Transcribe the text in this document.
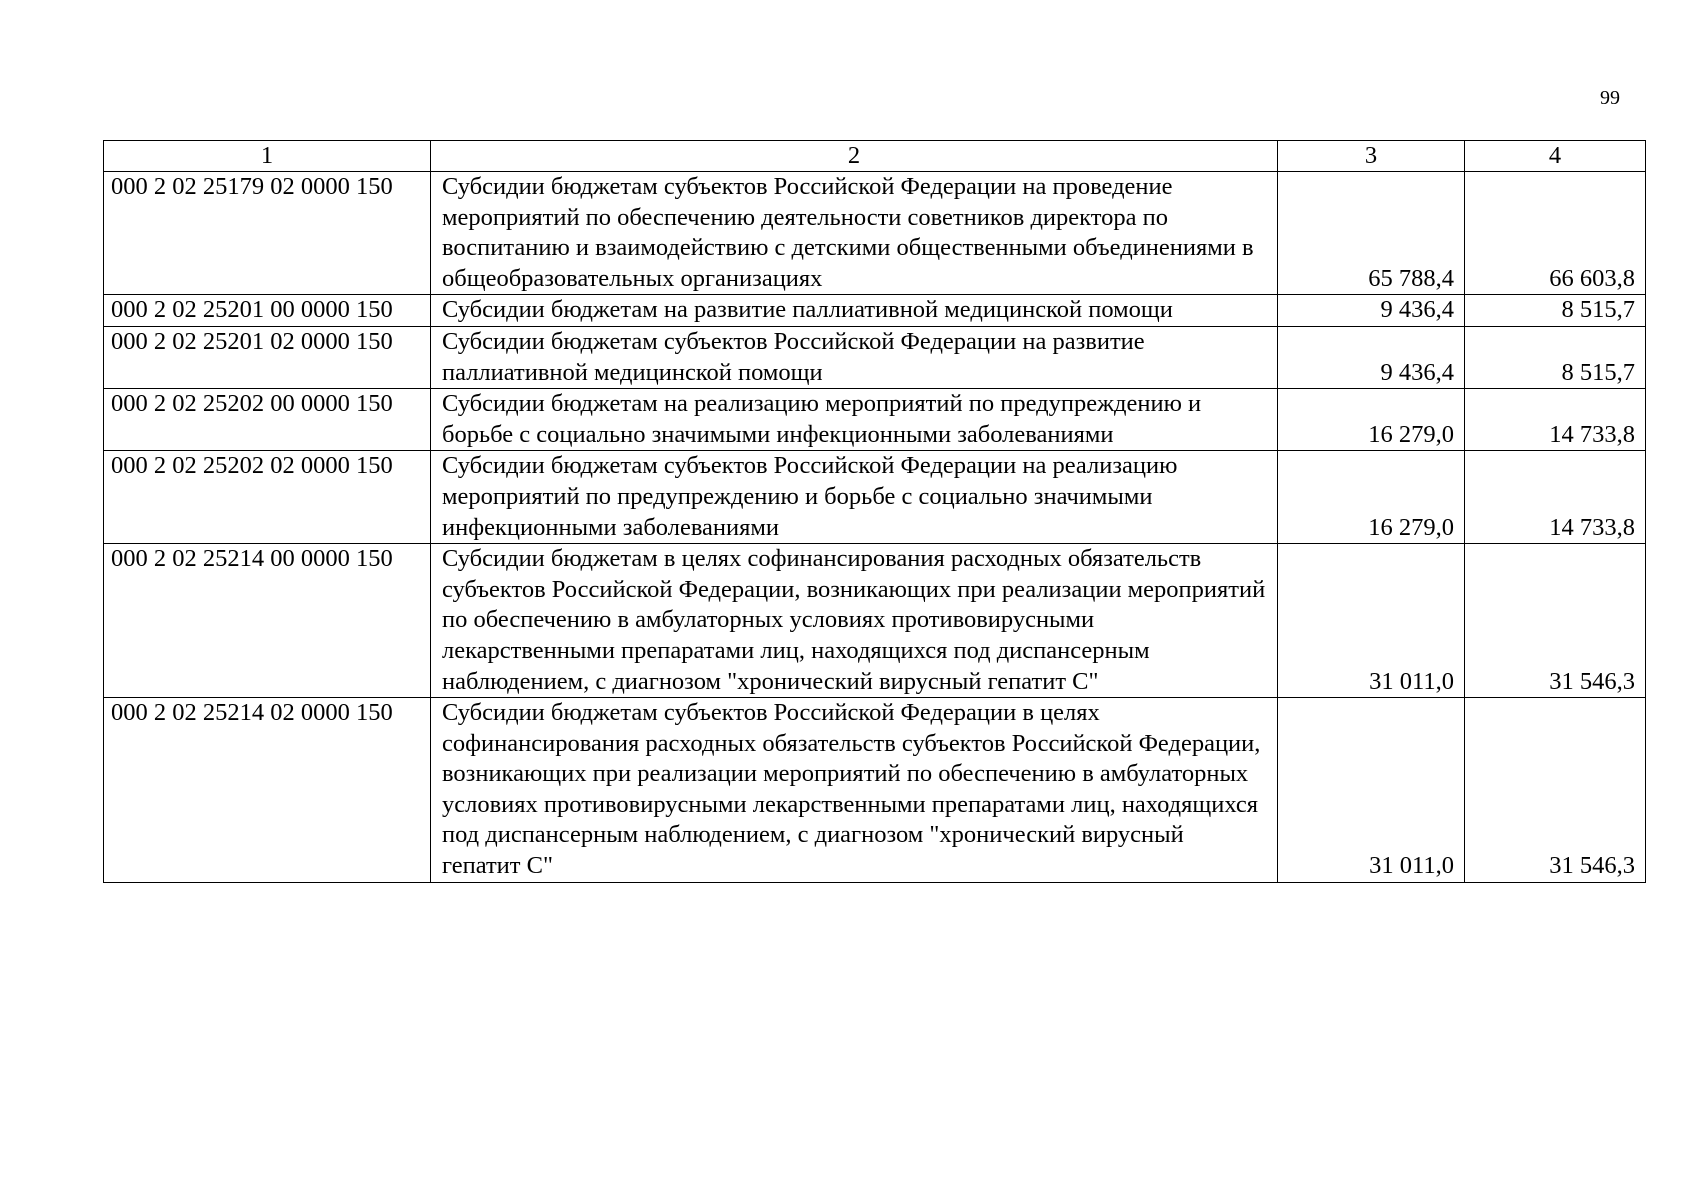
99
1	2	3	4
000 2 02 25179 02 0000 150	Субсидии бюджетам субъектов Российской Федерации на проведение мероприятий по обеспечению деятельности советников директора по воспитанию и взаимодействию с детскими общественными объединениями в общеобразовательных организациях	65 788,4	66 603,8
000 2 02 25201 00 0000 150	Субсидии бюджетам на развитие паллиативной медицинской помощи	9 436,4	8 515,7
000 2 02 25201 02 0000 150	Субсидии бюджетам субъектов Российской Федерации на развитие паллиативной медицинской помощи	9 436,4	8 515,7
000 2 02 25202 00 0000 150	Субсидии бюджетам на реализацию мероприятий по предупреждению и борьбе с социально значимыми инфекционными заболеваниями	16 279,0	14 733,8
000 2 02 25202 02 0000 150	Субсидии бюджетам субъектов Российской Федерации на реализацию мероприятий по предупреждению и борьбе с социально значимыми инфекционными заболеваниями	16 279,0	14 733,8
000 2 02 25214 00 0000 150	Субсидии бюджетам в целях софинансирования расходных обязательств субъектов Российской Федерации, возникающих при реализации мероприятий по обеспечению в амбулаторных условиях противовирусными лекарственными препаратами лиц, находящихся под диспансерным наблюдением, с диагнозом "хронический вирусный гепатит С"	31 011,0	31 546,3
000 2 02 25214 02 0000 150	Субсидии бюджетам субъектов Российской Федерации в целях софинансирования расходных обязательств субъектов Российской Федерации, возникающих при реализации мероприятий по обеспечению в амбулаторных условиях противовирусными лекарственными препаратами лиц, находящихся под диспансерным наблюдением, с диагнозом "хронический вирусный гепатит С"	31 011,0	31 546,3
